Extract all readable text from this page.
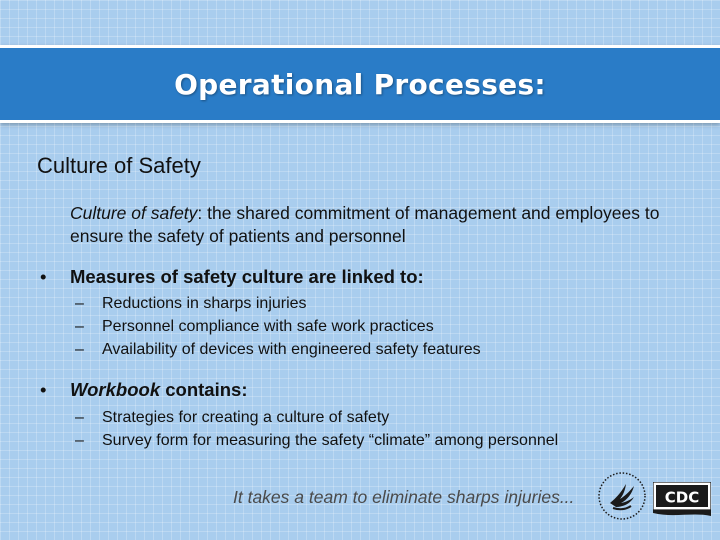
Operational Processes:
Culture of Safety
Culture of safety: the shared commitment of management and employees to ensure the safety of patients and personnel
• Measures of safety culture are linked to:
– Reductions in sharps injuries
– Personnel compliance with safe work practices
– Availability of devices with engineered safety features
• Workbook contains:
– Strategies for creating a culture of safety
– Survey form for measuring the safety “climate” among personnel
It takes a team to eliminate sharps injuries...	CDC
